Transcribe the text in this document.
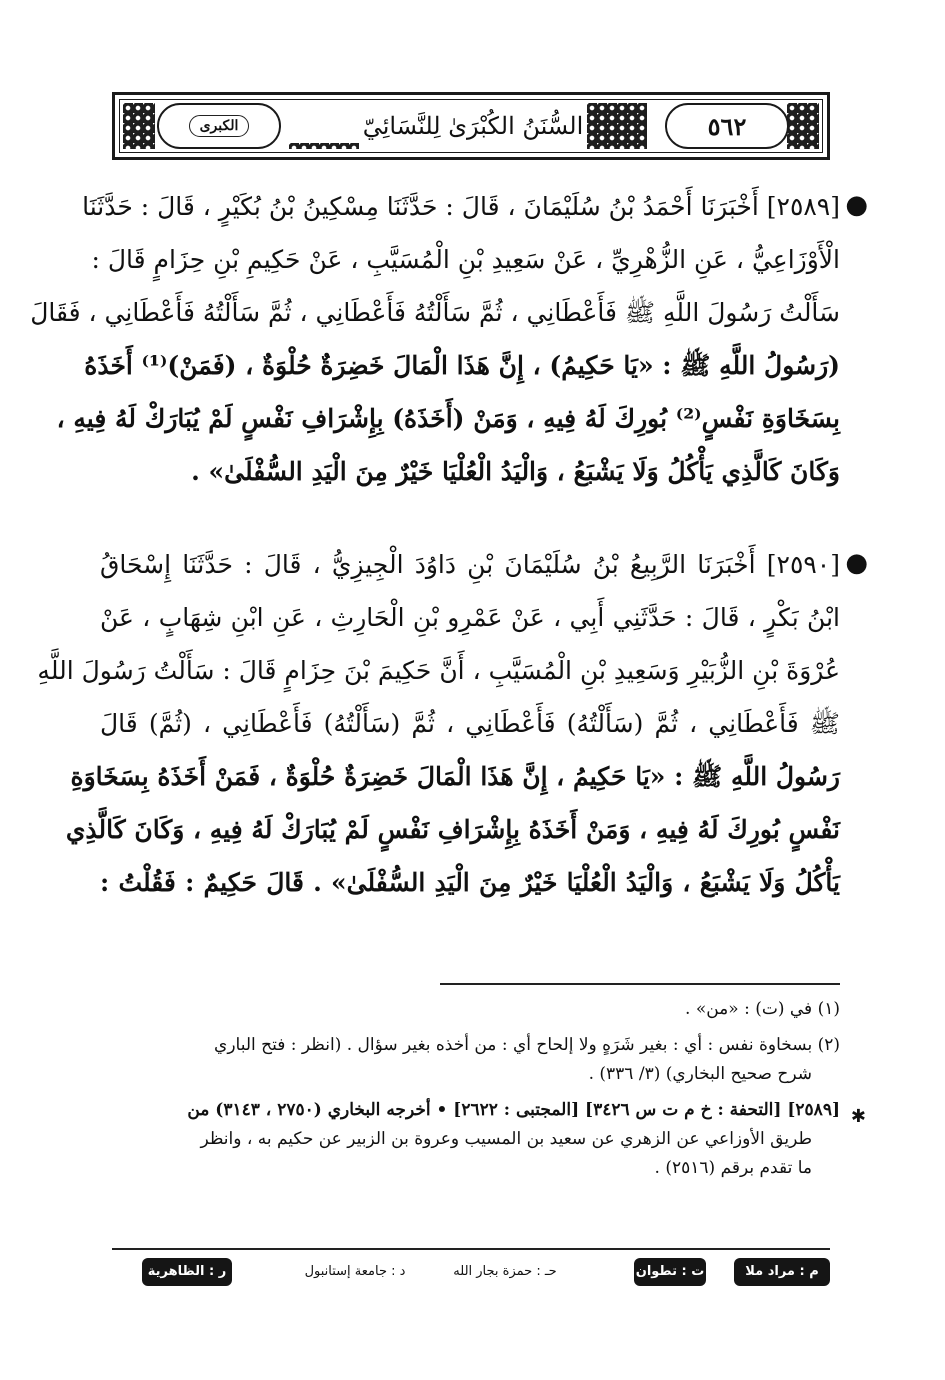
الكبرى	السُّنَنُ الكُبْرَىٰ لِلنَّسَائِيّ	٥٦٢
●
[٢٥٨٩] أَخْبَرَنَا أَحْمَدُ بْنُ سُلَيْمَانَ ، قَالَ : حَدَّثَنَا مِسْكِينُ بْنُ بُكَيْرٍ ، قَالَ : حَدَّثَنَا
الْأَوْزَاعِيُّ ، عَنِ الزُّهْرِيِّ ، عَنْ سَعِيدِ بْنِ الْمُسَيَّبِ ، عَنْ حَكِيمِ بْنِ حِزَامٍ قَالَ :
سَأَلْتُ رَسُولَ اللَّهِ ﷺ فَأَعْطَانِي ، ثُمَّ سَأَلْتُهُ فَأَعْطَانِي ، ثُمَّ سَأَلْتُهُ فَأَعْطَانِي ، فَقَالَ
(رَسُولُ اللَّهِ ﷺ : «يَا حَكِيمُ) ، إِنَّ هَذَا الْمَالَ خَضِرَةٌ حُلْوَةٌ ، (فَمَنْ)⁽¹⁾ أَخَذَهُ
بِسَخَاوَةِ نَفْسٍ⁽²⁾ بُورِكَ لَهُ فِيهِ ، وَمَنْ (أَخَذَهُ) بِإِشْرَافِ نَفْسٍ لَمْ يُبَارَكْ لَهُ فِيهِ ،
وَكَانَ كَالَّذِي يَأْكُلُ وَلَا يَشْبَعُ ، وَالْيَدُ الْعُلْيَا خَيْرٌ مِنَ الْيَدِ السُّفْلَىٰ» .
●
[٢٥٩٠] أَخْبَرَنَا الرَّبِيعُ بْنُ سُلَيْمَانَ بْنِ دَاوُدَ الْجِيزِيُّ ، قَالَ : حَدَّثَنَا إِسْحَاقُ
ابْنُ بَكْرٍ ، قَالَ : حَدَّثَنِي أَبِي ، عَنْ عَمْرِو بْنِ الْحَارِثِ ، عَنِ ابْنِ شِهَابٍ ، عَنْ
عُرْوَةَ بْنِ الزُّبَيْرِ وَسَعِيدِ بْنِ الْمُسَيَّبِ ، أَنَّ حَكِيمَ بْنَ حِزَامٍ قَالَ : سَأَلْتُ رَسُولَ اللَّهِ
ﷺ فَأَعْطَانِي ، ثُمَّ (سَأَلْتُهُ) فَأَعْطَانِي ، ثُمَّ (سَأَلْتُهُ) فَأَعْطَانِي ، (ثُمَّ) قَالَ
رَسُولُ اللَّهِ ﷺ : «يَا حَكِيمُ ، إِنَّ هَذَا الْمَالَ خَضِرَةٌ حُلْوَةٌ ، فَمَنْ أَخَذَهُ بِسَخَاوَةِ
نَفْسٍ بُورِكَ لَهُ فِيهِ ، وَمَنْ أَخَذَهُ بِإِشْرَافِ نَفْسٍ لَمْ يُبَارَكْ لَهُ فِيهِ ، وَكَانَ كَالَّذِي
يَأْكُلُ وَلَا يَشْبَعُ ، وَالْيَدُ الْعُلْيَا خَيْرٌ مِنَ الْيَدِ السُّفْلَىٰ» . قَالَ حَكِيمٌ : فَقُلْتُ :
(١) في (ت) : «من» .
(٢) بسخاوة نفس : أي : بغير شَرَهٍ ولا إلحاح أي : من أخذه بغير سؤال . (انظر : فتح الباري
شرح صحيح البخاري) (٣/ ٣٣٦) .
✱
[٢٥٨٩] [التحفة : خ م ت س ٣٤٢٦] [المجتبى : ٢٦٢٢] • أخرجه البخاري (٢٧٥٠ ، ٣١٤٣) من
طريق الأوزاعي عن الزهري عن سعيد بن المسيب وعروة بن الزبير عن حكيم به ، وانظر
ما تقدم برقم (٢٥١٦) .
م : مراد ملا
ت : تطوان
حـ : حمزة بجار الله
د : جامعة إستانبول
ر : الظاهرية
